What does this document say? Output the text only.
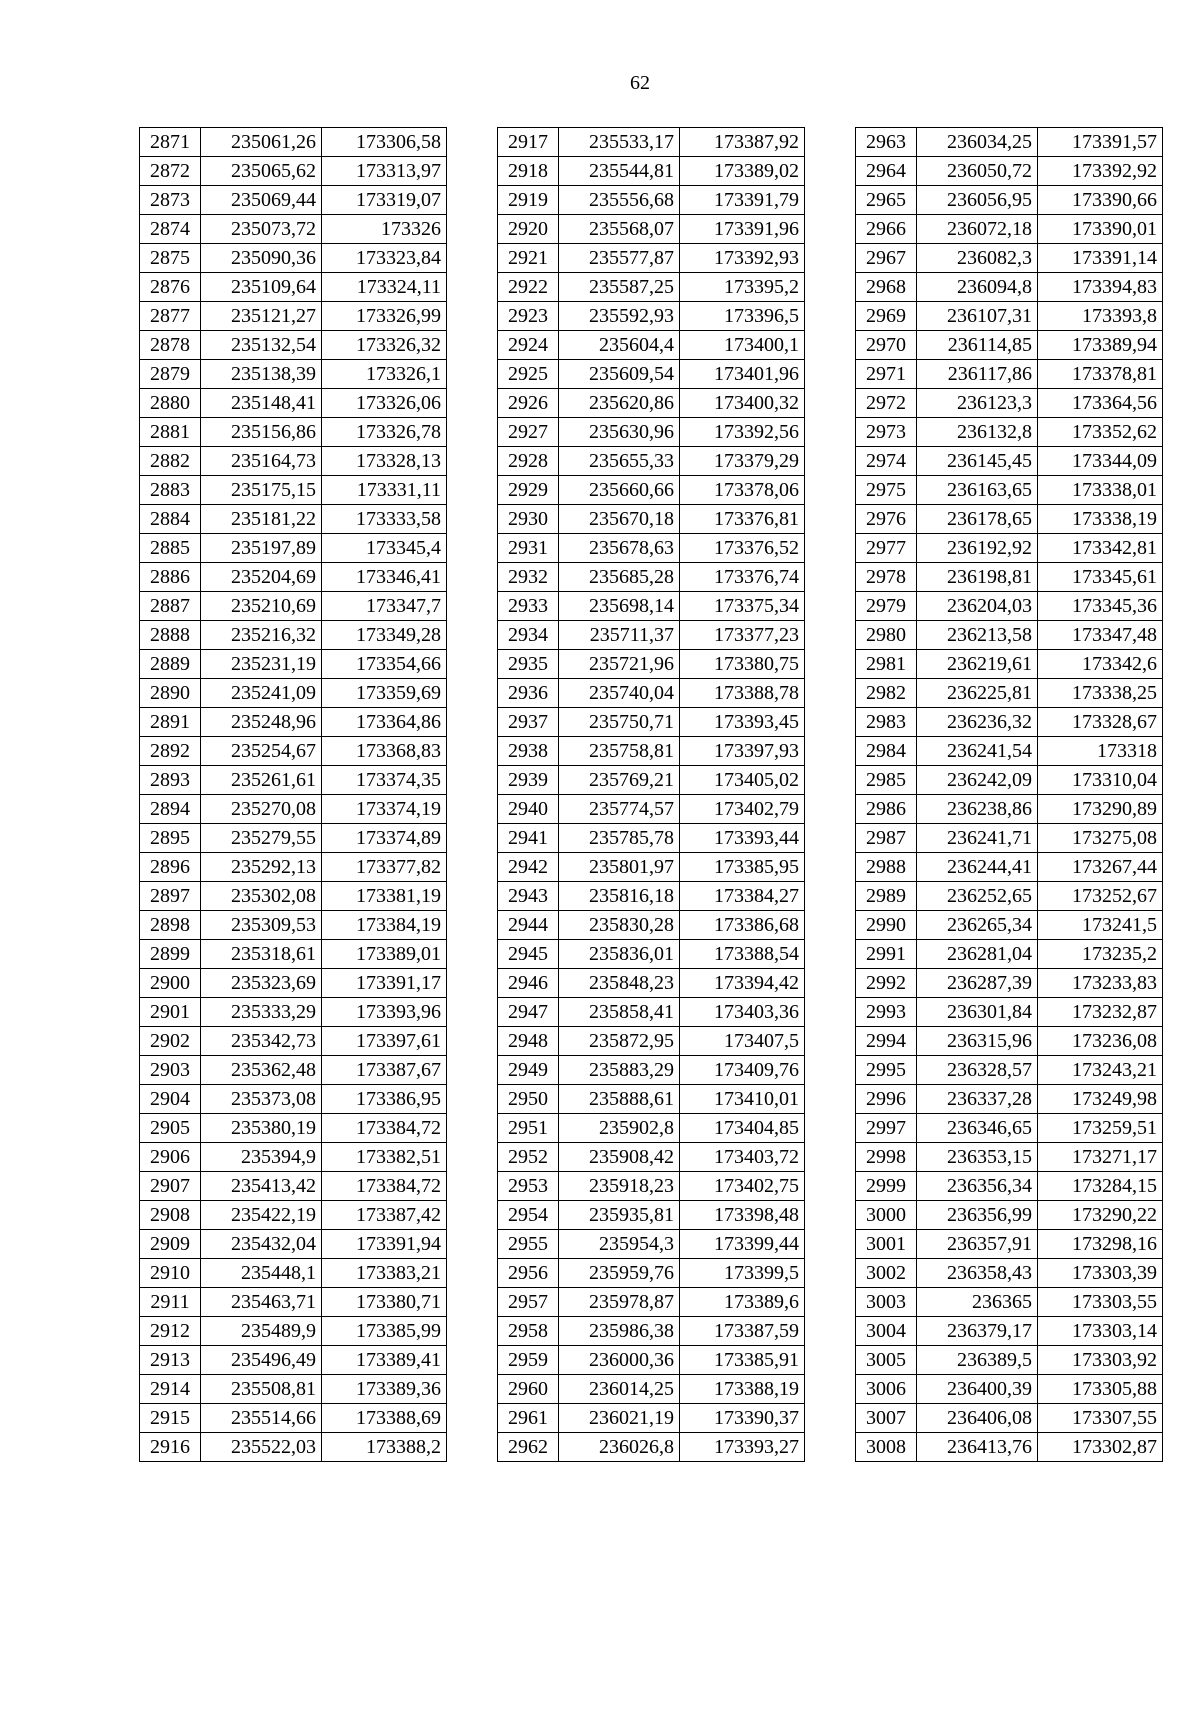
62
2871	235061,26	173306,58
2872	235065,62	173313,97
2873	235069,44	173319,07
2874	235073,72	173326
2875	235090,36	173323,84
2876	235109,64	173324,11
2877	235121,27	173326,99
2878	235132,54	173326,32
2879	235138,39	173326,1
2880	235148,41	173326,06
2881	235156,86	173326,78
2882	235164,73	173328,13
2883	235175,15	173331,11
2884	235181,22	173333,58
2885	235197,89	173345,4
2886	235204,69	173346,41
2887	235210,69	173347,7
2888	235216,32	173349,28
2889	235231,19	173354,66
2890	235241,09	173359,69
2891	235248,96	173364,86
2892	235254,67	173368,83
2893	235261,61	173374,35
2894	235270,08	173374,19
2895	235279,55	173374,89
2896	235292,13	173377,82
2897	235302,08	173381,19
2898	235309,53	173384,19
2899	235318,61	173389,01
2900	235323,69	173391,17
2901	235333,29	173393,96
2902	235342,73	173397,61
2903	235362,48	173387,67
2904	235373,08	173386,95
2905	235380,19	173384,72
2906	235394,9	173382,51
2907	235413,42	173384,72
2908	235422,19	173387,42
2909	235432,04	173391,94
2910	235448,1	173383,21
2911	235463,71	173380,71
2912	235489,9	173385,99
2913	235496,49	173389,41
2914	235508,81	173389,36
2915	235514,66	173388,69
2916	235522,03	173388,2
2917	235533,17	173387,92
2918	235544,81	173389,02
2919	235556,68	173391,79
2920	235568,07	173391,96
2921	235577,87	173392,93
2922	235587,25	173395,2
2923	235592,93	173396,5
2924	235604,4	173400,1
2925	235609,54	173401,96
2926	235620,86	173400,32
2927	235630,96	173392,56
2928	235655,33	173379,29
2929	235660,66	173378,06
2930	235670,18	173376,81
2931	235678,63	173376,52
2932	235685,28	173376,74
2933	235698,14	173375,34
2934	235711,37	173377,23
2935	235721,96	173380,75
2936	235740,04	173388,78
2937	235750,71	173393,45
2938	235758,81	173397,93
2939	235769,21	173405,02
2940	235774,57	173402,79
2941	235785,78	173393,44
2942	235801,97	173385,95
2943	235816,18	173384,27
2944	235830,28	173386,68
2945	235836,01	173388,54
2946	235848,23	173394,42
2947	235858,41	173403,36
2948	235872,95	173407,5
2949	235883,29	173409,76
2950	235888,61	173410,01
2951	235902,8	173404,85
2952	235908,42	173403,72
2953	235918,23	173402,75
2954	235935,81	173398,48
2955	235954,3	173399,44
2956	235959,76	173399,5
2957	235978,87	173389,6
2958	235986,38	173387,59
2959	236000,36	173385,91
2960	236014,25	173388,19
2961	236021,19	173390,37
2962	236026,8	173393,27
2963	236034,25	173391,57
2964	236050,72	173392,92
2965	236056,95	173390,66
2966	236072,18	173390,01
2967	236082,3	173391,14
2968	236094,8	173394,83
2969	236107,31	173393,8
2970	236114,85	173389,94
2971	236117,86	173378,81
2972	236123,3	173364,56
2973	236132,8	173352,62
2974	236145,45	173344,09
2975	236163,65	173338,01
2976	236178,65	173338,19
2977	236192,92	173342,81
2978	236198,81	173345,61
2979	236204,03	173345,36
2980	236213,58	173347,48
2981	236219,61	173342,6
2982	236225,81	173338,25
2983	236236,32	173328,67
2984	236241,54	173318
2985	236242,09	173310,04
2986	236238,86	173290,89
2987	236241,71	173275,08
2988	236244,41	173267,44
2989	236252,65	173252,67
2990	236265,34	173241,5
2991	236281,04	173235,2
2992	236287,39	173233,83
2993	236301,84	173232,87
2994	236315,96	173236,08
2995	236328,57	173243,21
2996	236337,28	173249,98
2997	236346,65	173259,51
2998	236353,15	173271,17
2999	236356,34	173284,15
3000	236356,99	173290,22
3001	236357,91	173298,16
3002	236358,43	173303,39
3003	236365	173303,55
3004	236379,17	173303,14
3005	236389,5	173303,92
3006	236400,39	173305,88
3007	236406,08	173307,55
3008	236413,76	173302,87
